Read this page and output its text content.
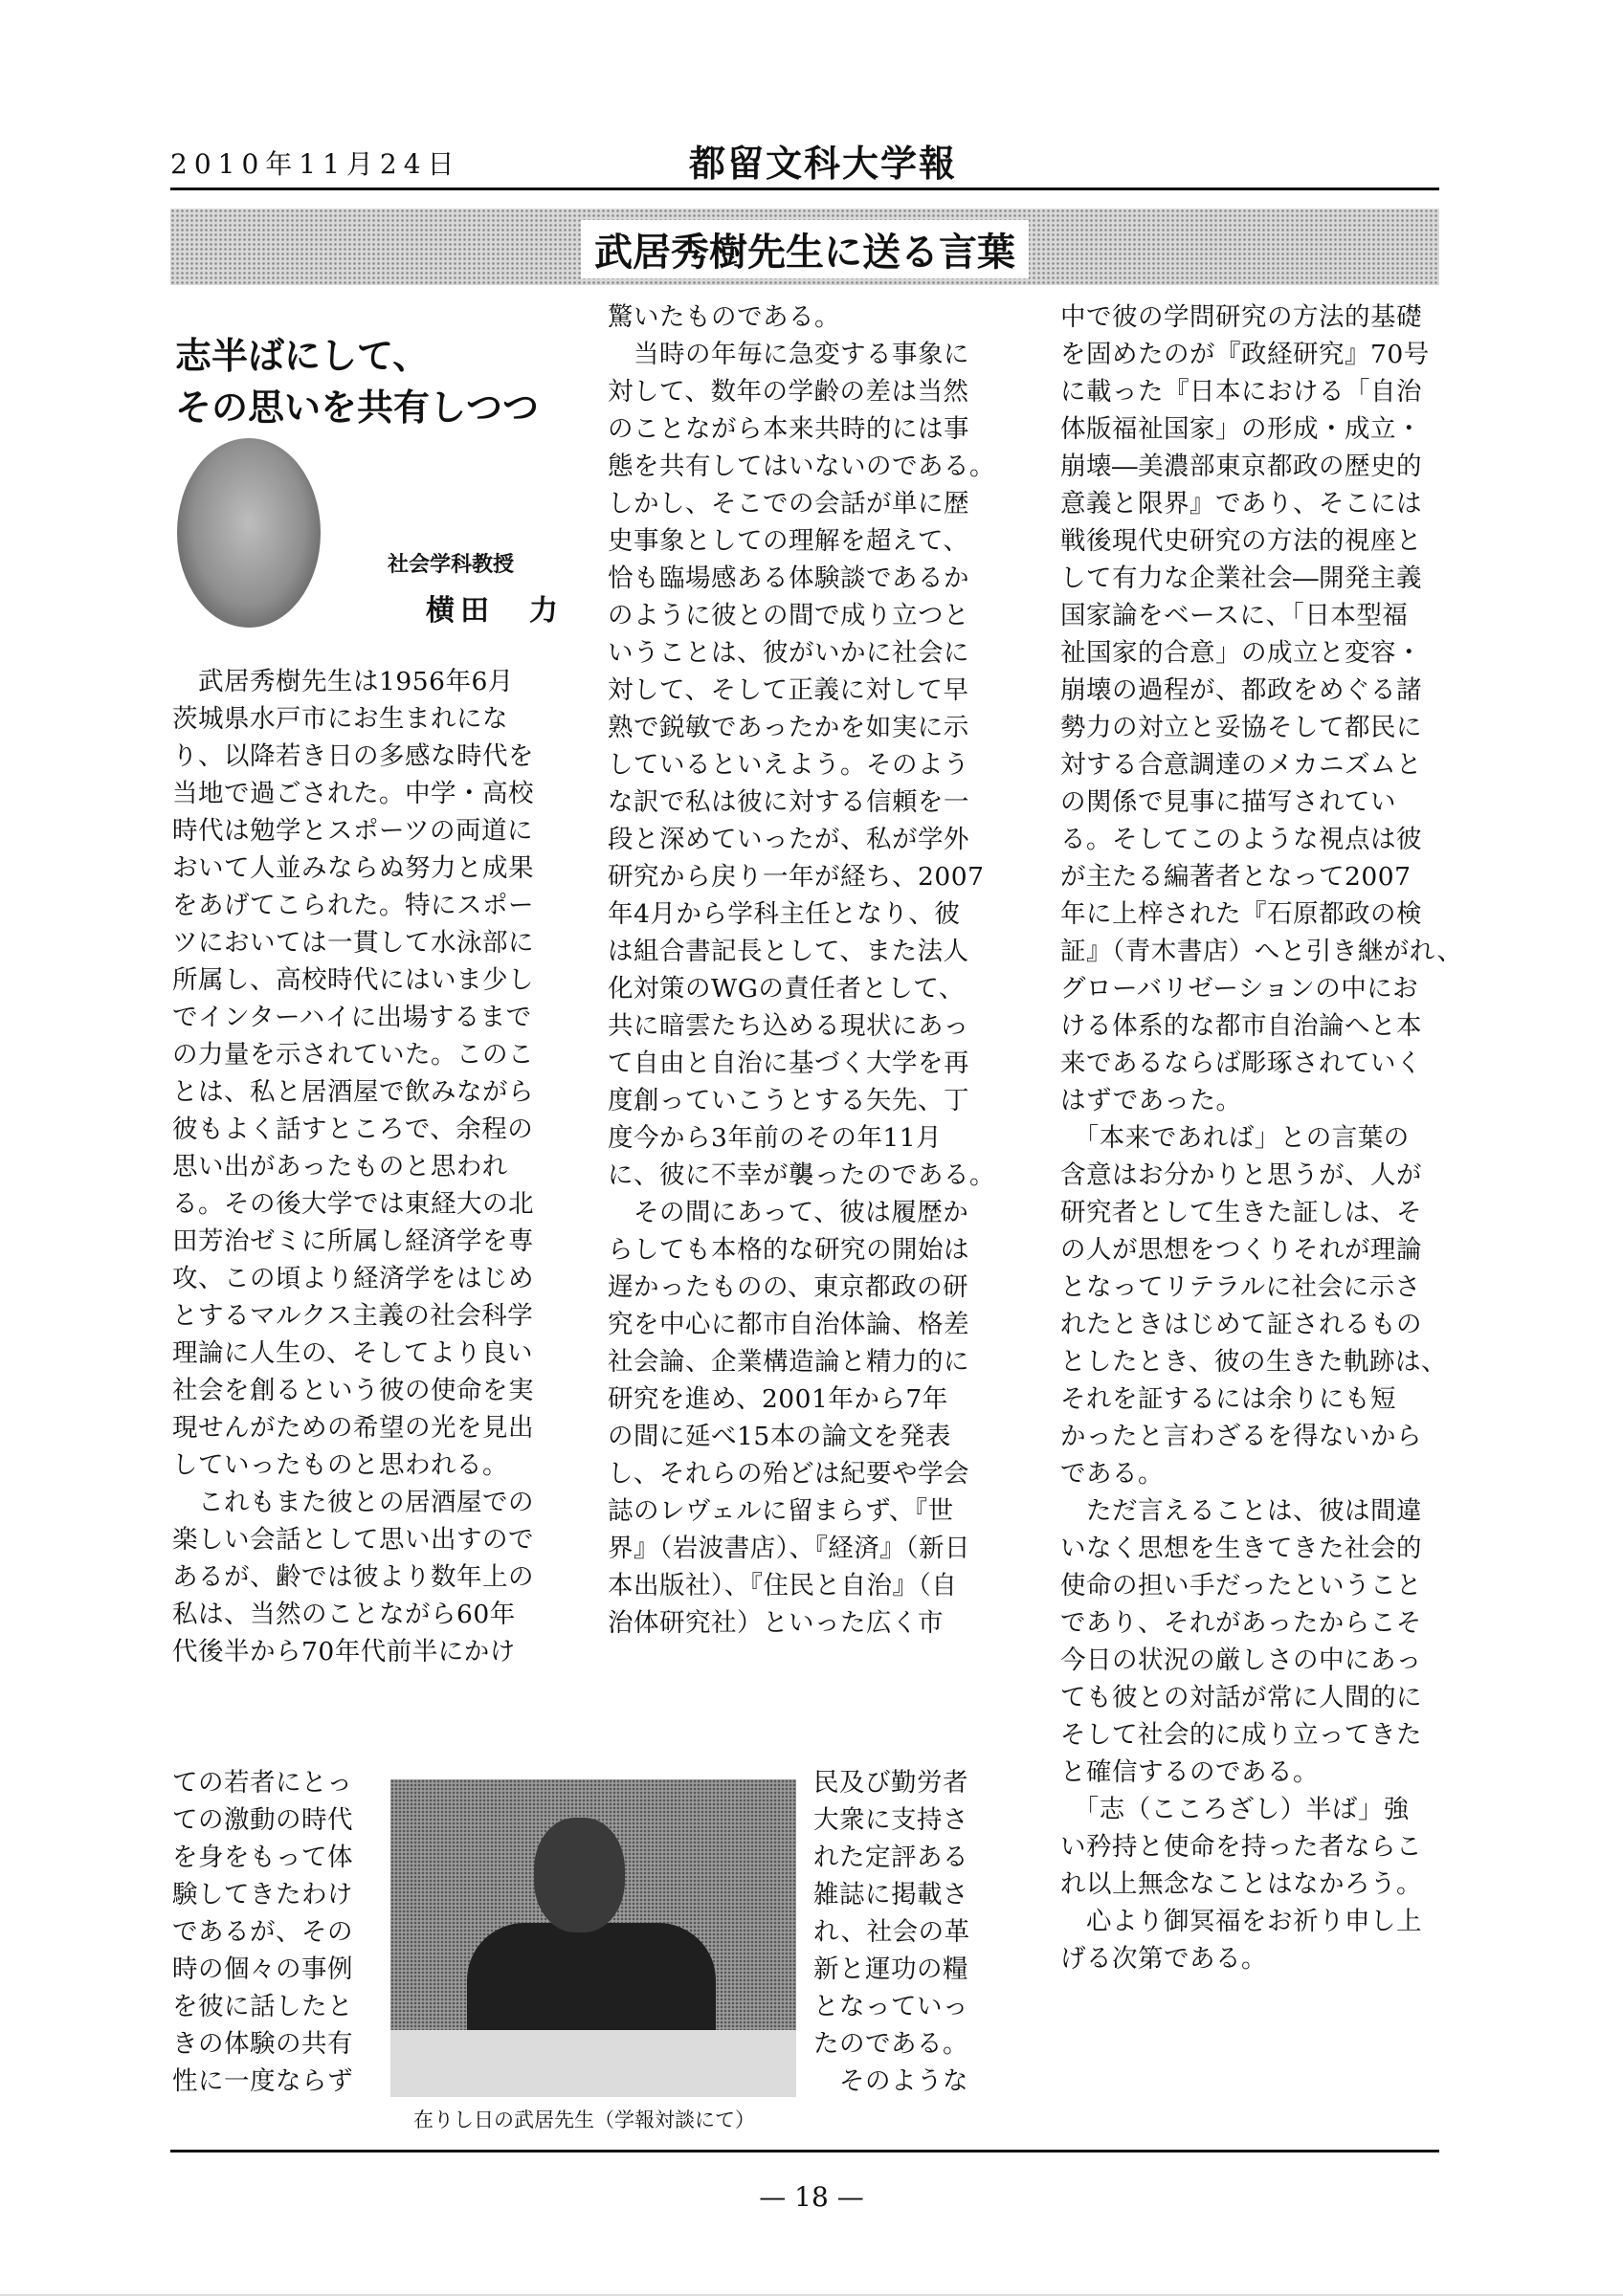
2010年11月24日	都留文科大学報
武居秀樹先生に送る言葉
志半ばにして、
その思いを共有しつつ
社会学科教授
横田　力

　武居秀樹先生は1956年6月
茨城県水戸市にお生まれにな
り、以降若き日の多感な時代を
当地で過ごされた。中学・高校
時代は勉学とスポーツの両道に
おいて人並みならぬ努力と成果
をあげてこられた。特にスポー
ツにおいては一貫して水泳部に
所属し、高校時代にはいま少し
でインターハイに出場するまで
の力量を示されていた。このこ
とは、私と居酒屋で飲みながら
彼もよく話すところで、余程の
思い出があったものと思われ
る。その後大学では東経大の北
田芳治ゼミに所属し経済学を専
攻、この頃より経済学をはじめ
とするマルクス主義の社会科学
理論に人生の、そしてより良い
社会を創るという彼の使命を実
現せんがための希望の光を見出
していったものと思われる。
　これもまた彼との居酒屋での
楽しい会話として思い出すので
あるが、齢では彼より数年上の
私は、当然のことながら60年
代後半から70年代前半にかけ

ての若者にとっ
ての激動の時代
を身をもって体
験してきたわけ
であるが、その
時の個々の事例
を彼に話したと
きの体験の共有
性に一度ならず

驚いたものである。
　当時の年毎に急変する事象に
対して、数年の学齢の差は当然
のことながら本来共時的には事
態を共有してはいないのである。
しかし、そこでの会話が単に歴
史事象としての理解を超えて、
恰も臨場感ある体験談であるか
のように彼との間で成り立つと
いうことは、彼がいかに社会に
対して、そして正義に対して早
熟で鋭敏であったかを如実に示
しているといえよう。そのよう
な訳で私は彼に対する信頼を一
段と深めていったが、私が学外
研究から戻り一年が経ち、2007
年4月から学科主任となり、彼
は組合書記長として、また法人
化対策のWGの責任者として、
共に暗雲たち込める現状にあっ
て自由と自治に基づく大学を再
度創っていこうとする矢先、丁
度今から3年前のその年11月
に、彼に不幸が襲ったのである。
　その間にあって、彼は履歴か
らしても本格的な研究の開始は
遅かったものの、東京都政の研
究を中心に都市自治体論、格差
社会論、企業構造論と精力的に
研究を進め、2001年から7年
の間に延べ15本の論文を発表
し、それらの殆どは紀要や学会
誌のレヴェルに留まらず、『世
界』（岩波書店）、『経済』（新日
本出版社）、『住民と自治』（自
治体研究社）といった広く市

民及び勤労者
大衆に支持さ
れた定評ある
雑誌に掲載さ
れ、社会の革
新と運功の糧
となっていっ
たのである。
　そのような

中で彼の学問研究の方法的基礎
を固めたのが『政経研究』70号
に載った『日本における「自治
体版福祉国家」の形成・成立・
崩壊―美濃部東京都政の歴史的
意義と限界』であり、そこには
戦後現代史研究の方法的視座と
して有力な企業社会―開発主義
国家論をベースに、「日本型福
祉国家的合意」の成立と変容・
崩壊の過程が、都政をめぐる諸
勢力の対立と妥協そして都民に
対する合意調達のメカニズムと
の関係で見事に描写されてい
る。そしてこのような視点は彼
が主たる編著者となって2007
年に上梓された『石原都政の検
証』（青木書店）へと引き継がれ、
グローバリゼーションの中にお
ける体系的な都市自治論へと本
来であるならば彫琢されていく
はずであった。
　「本来であれば」との言葉の
含意はお分かりと思うが、人が
研究者として生きた証しは、そ
の人が思想をつくりそれが理論
となってリテラルに社会に示さ
れたときはじめて証されるもの
としたとき、彼の生きた軌跡は、
それを証するには余りにも短
かったと言わざるを得ないから
である。
　ただ言えることは、彼は間違
いなく思想を生きてきた社会的
使命の担い手だったということ
であり、それがあったからこそ
今日の状況の厳しさの中にあっ
ても彼との対話が常に人間的に
そして社会的に成り立ってきた
と確信するのである。
　「志（こころざし）半ば」強
い矜持と使命を持った者ならこ
れ以上無念なことはなかろう。
　心より御冥福をお祈り申し上
げる次第である。

在りし日の武居先生（学報対談にて）
— 18 —
